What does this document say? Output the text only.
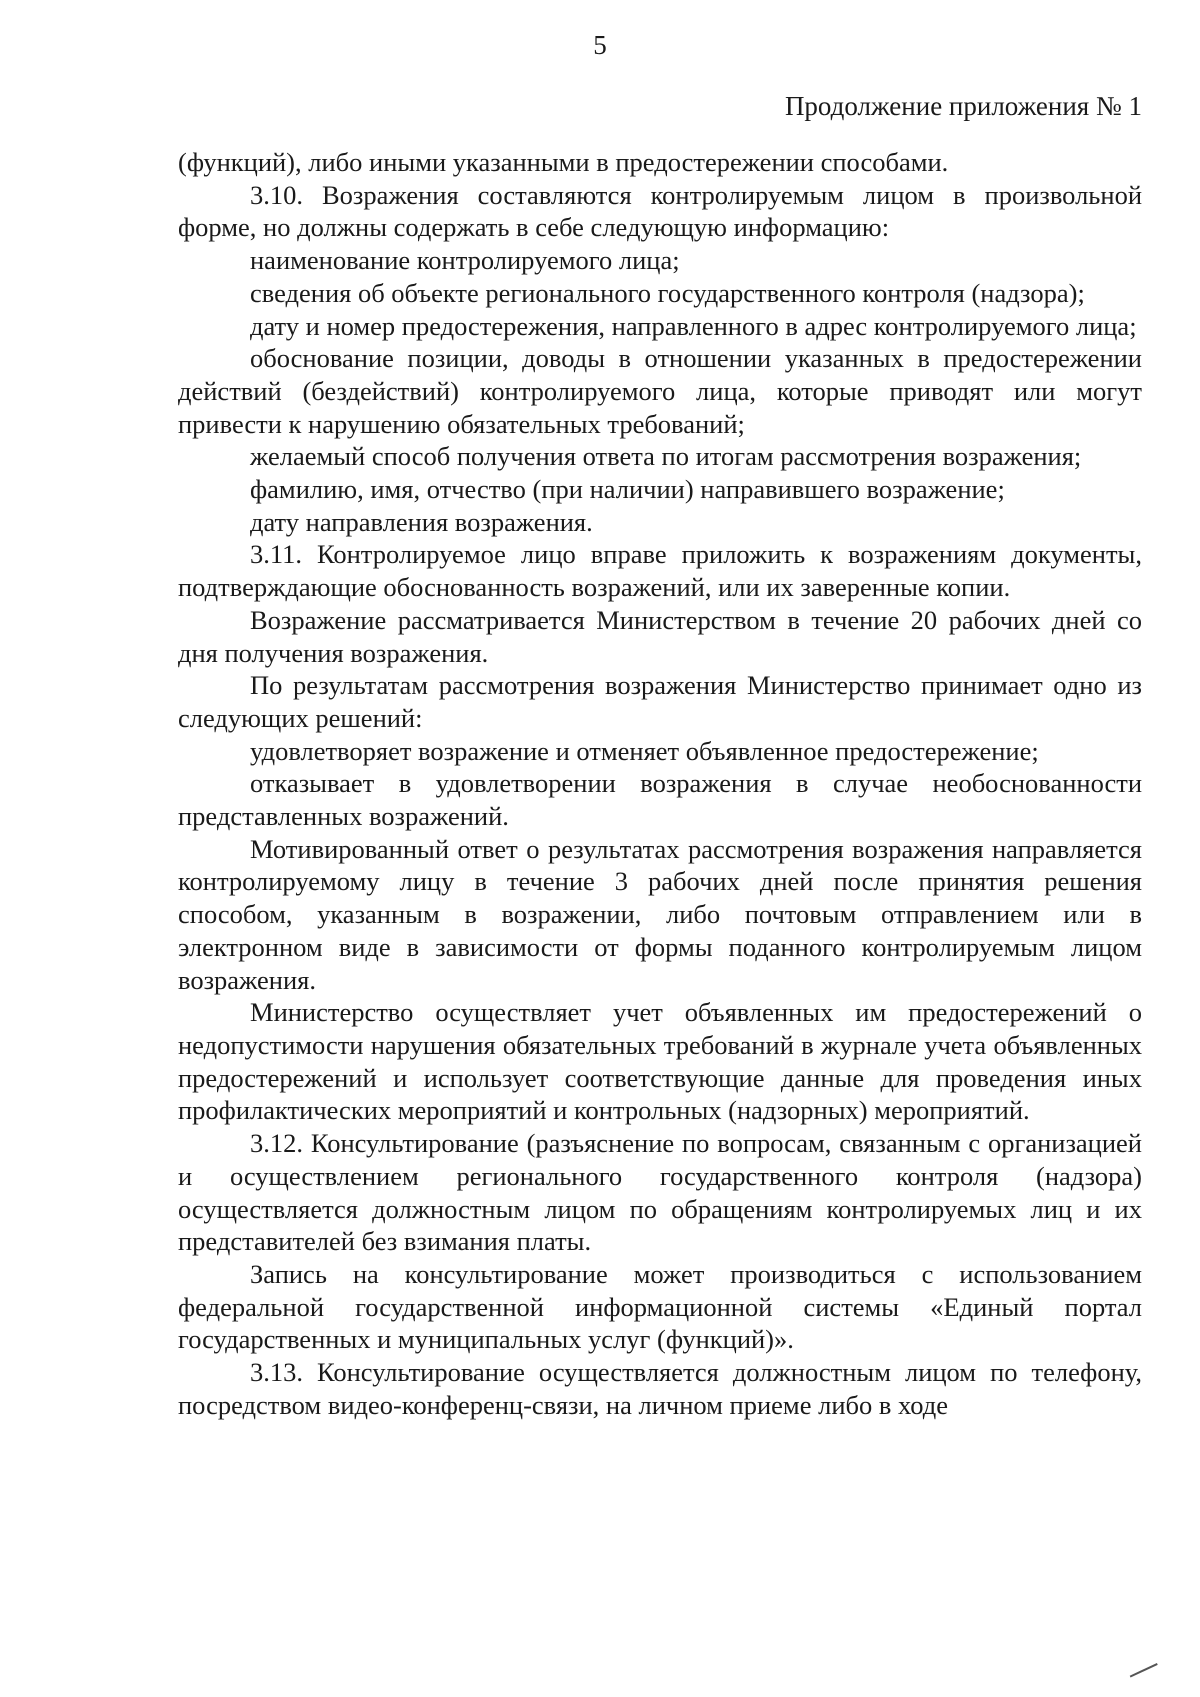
5
Продолжение приложения № 1

(функций), либо иными указанными в предостережении способами.

3.10. Возражения составляются контролируемым лицом в произвольной форме, но должны содержать в себе следующую информацию:

наименование контролируемого лица;

сведения об объекте регионального государственного контроля (надзора);

дату и номер предостережения, направленного в адрес контролируемого лица;

обоснование позиции, доводы в отношении указанных в предостережении действий (бездействий) контролируемого лица, которые приводят или могут привести к нарушению обязательных требований;

желаемый способ получения ответа по итогам рассмотрения возражения;

фамилию, имя, отчество (при наличии) направившего возражение;

дату направления возражения.

3.11. Контролируемое лицо вправе приложить к возражениям документы, подтверждающие обоснованность возражений, или их заверенные копии.

Возражение рассматривается Министерством в течение 20 рабочих дней со дня получения возражения.

По результатам рассмотрения возражения Министерство принимает одно из следующих решений:

удовлетворяет возражение и отменяет объявленное предостережение;

отказывает в удовлетворении возражения в случае необоснованности представленных возражений.

Мотивированный ответ о результатах рассмотрения возражения направляется контролируемому лицу в течение 3 рабочих дней после принятия решения способом, указанным в возражении, либо почтовым отправлением или в электронном виде в зависимости от формы поданного контролируемым лицом возражения.

Министерство осуществляет учет объявленных им предостережений о недопустимости нарушения обязательных требований в журнале учета объявленных предостережений и использует соответствующие данные для проведения иных профилактических мероприятий и контрольных (надзорных) мероприятий.

3.12. Консультирование (разъяснение по вопросам, связанным с организацией и осуществлением регионального государственного контроля (надзора) осуществляется должностным лицом по обращениям контролируемых лиц и их представителей без взимания платы.

Запись на консультирование может производиться с использованием федеральной государственной информационной системы «Единый портал государственных и муниципальных услуг (функций)».

3.13. Консультирование осуществляется должностным лицом по телефону, посредством видео-конференц-связи, на личном приеме либо в ходе
